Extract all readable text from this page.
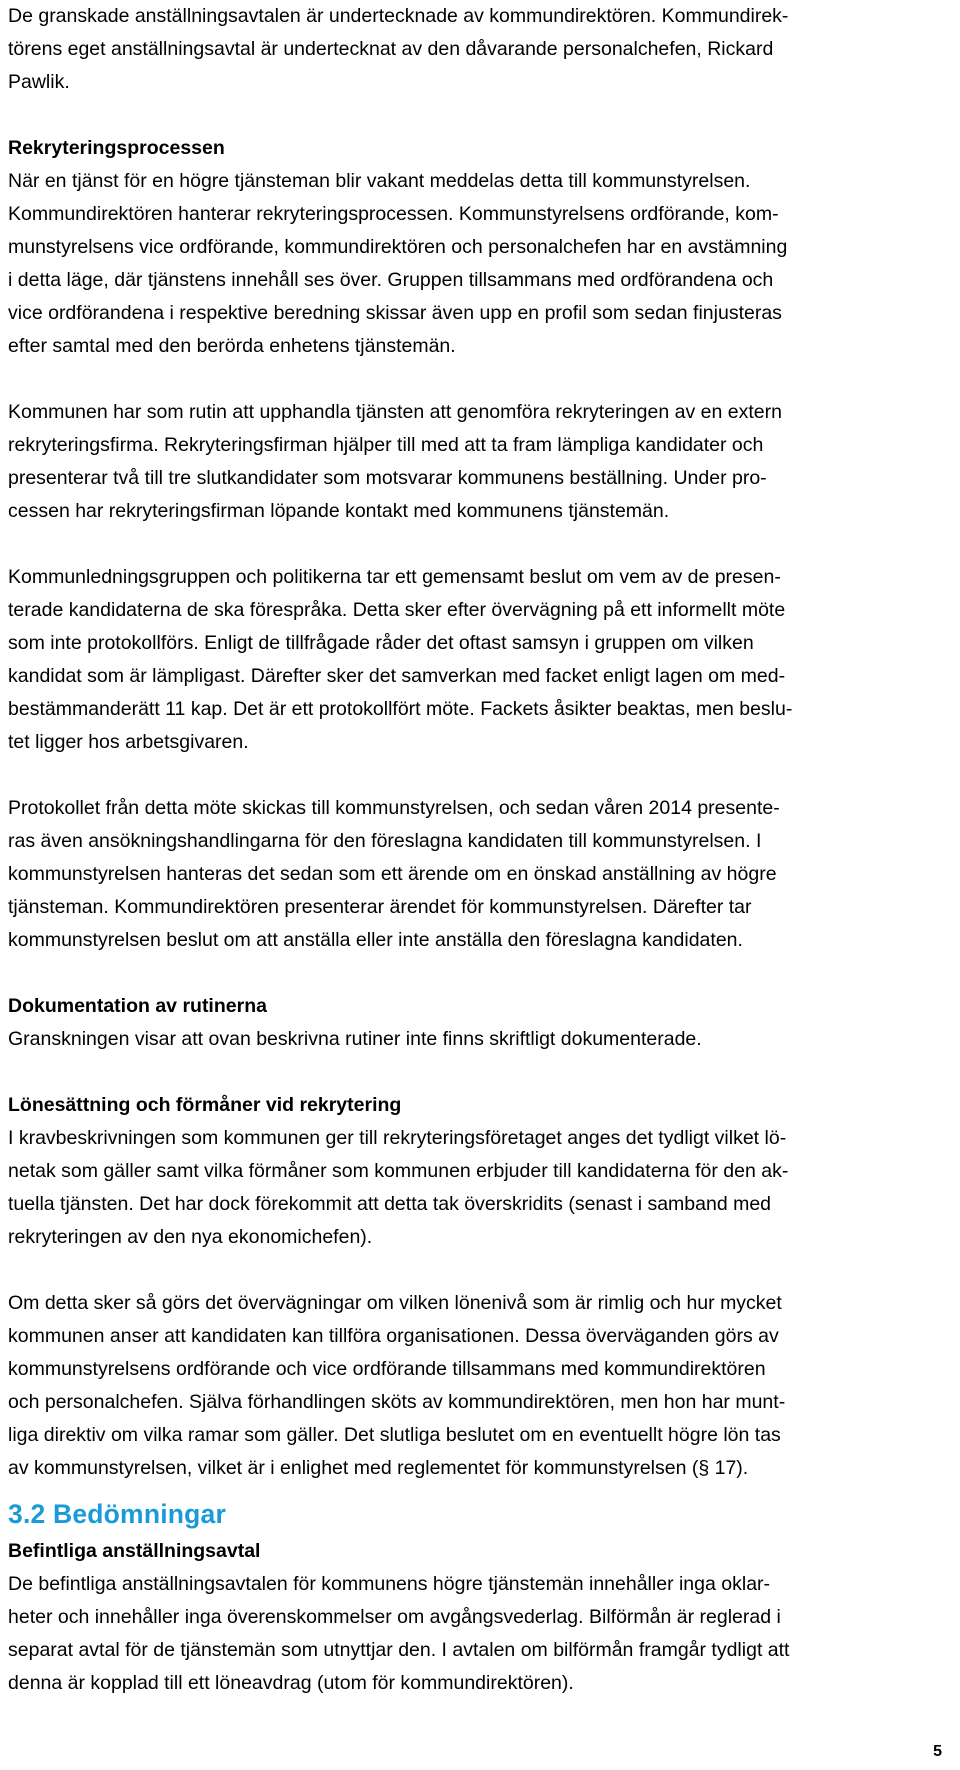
De granskade anställningsavtalen är undertecknade av kommundirektören. Kommundirek-
törens eget anställningsavtal är undertecknat av den dåvarande personalchefen, Rickard
Pawlik.

Rekryteringsprocessen

När en tjänst för en högre tjänsteman blir vakant meddelas detta till kommunstyrelsen.
Kommundirektören hanterar rekryteringsprocessen. Kommunstyrelsens ordförande, kom-
munstyrelsens vice ordförande, kommundirektören och personalchefen har en avstämning
i detta läge, där tjänstens innehåll ses över. Gruppen tillsammans med ordförandena och
vice ordförandena i respektive beredning skissar även upp en profil som sedan finjusteras
efter samtal med den berörda enhetens tjänstemän.

Kommunen har som rutin att upphandla tjänsten att genomföra rekryteringen av en extern
rekryteringsfirma. Rekryteringsfirman hjälper till med att ta fram lämpliga kandidater och
presenterar två till tre slutkandidater som motsvarar kommunens beställning. Under pro-
cessen har rekryteringsfirman löpande kontakt med kommunens tjänstemän.

Kommunledningsgruppen och politikerna tar ett gemensamt beslut om vem av de presen-
terade kandidaterna de ska förespråka. Detta sker efter övervägning på ett informellt möte
som inte protokollförs. Enligt de tillfrågade råder det oftast samsyn i gruppen om vilken
kandidat som är lämpligast. Därefter sker det samverkan med facket enligt lagen om med-
bestämmanderätt 11 kap. Det är ett protokollfört möte. Fackets åsikter beaktas, men beslu-
tet ligger hos arbetsgivaren.

Protokollet från detta möte skickas till kommunstyrelsen, och sedan våren 2014 presente-
ras även ansökningshandlingarna för den föreslagna kandidaten till kommunstyrelsen. I
kommunstyrelsen hanteras det sedan som ett ärende om en önskad anställning av högre
tjänsteman. Kommundirektören presenterar ärendet för kommunstyrelsen. Därefter tar
kommunstyrelsen beslut om att anställa eller inte anställa den föreslagna kandidaten.

Dokumentation av rutinerna

Granskningen visar att ovan beskrivna rutiner inte finns skriftligt dokumenterade.

Lönesättning och förmåner vid rekrytering

I kravbeskrivningen som kommunen ger till rekryteringsföretaget anges det tydligt vilket lö-
netak som gäller samt vilka förmåner som kommunen erbjuder till kandidaterna för den ak-
tuella tjänsten. Det har dock förekommit att detta tak överskridits (senast i samband med
rekryteringen av den nya ekonomichefen).

Om detta sker så görs det övervägningar om vilken lönenivå som är rimlig och hur mycket
kommunen anser att kandidaten kan tillföra organisationen. Dessa överväganden görs av
kommunstyrelsens ordförande och vice ordförande tillsammans med kommundirektören
och personalchefen. Själva förhandlingen sköts av kommundirektören, men hon har munt-
liga direktiv om vilka ramar som gäller. Det slutliga beslutet om en eventuellt högre lön tas
av kommunstyrelsen, vilket är i enlighet med reglementet för kommunstyrelsen (§ 17).

3.2 Bedömningar

Befintliga anställningsavtal

De befintliga anställningsavtalen för kommunens högre tjänstemän innehåller inga oklar-
heter och innehåller inga överenskommelser om avgångsvederlag. Bilförmån är reglerad i
separat avtal för de tjänstemän som utnyttjar den. I avtalen om bilförmån framgår tydligt att
denna är kopplad till ett löneavdrag (utom för kommundirektören).

5
